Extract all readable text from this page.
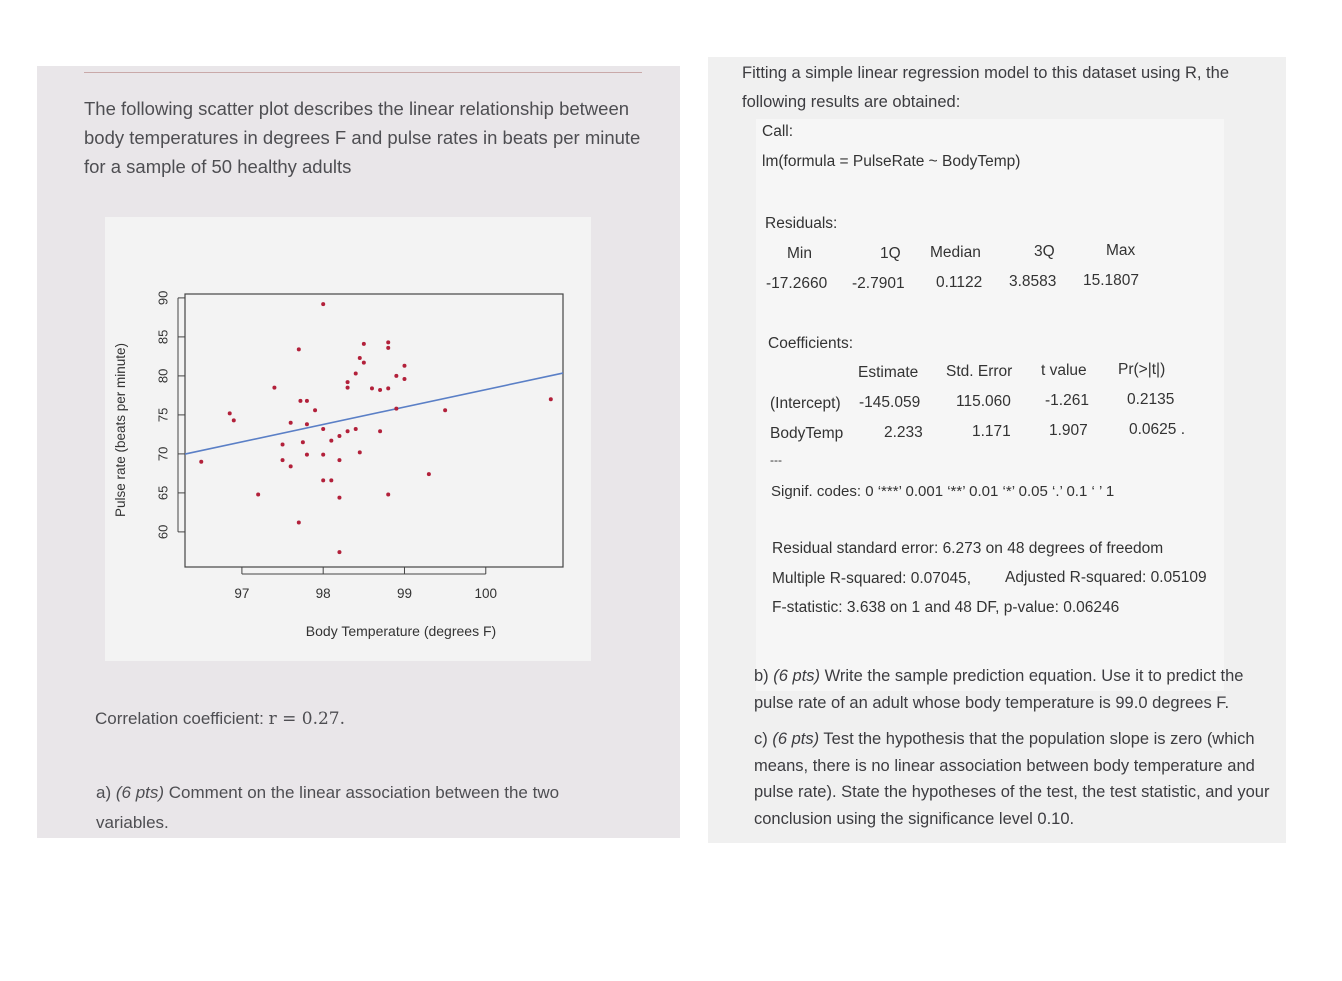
The following scatter plot describes the linear relationship between body temperatures in degrees F and pulse rates in beats per minute for a sample of 50 healthy adults
60
65
70
75
80
85
90
97	98	99	100
Pulse rate (beats per minute)
Body Temperature (degrees F)
Correlation coefficient: r = 0.27.
a) (6 pts) Comment on the linear association between the two variables.
Fitting a simple linear regression model to this dataset using R, the following results are obtained:
Call:
lm(formula = PulseRate ~ BodyTemp)
Residuals:
Min	1Q Median	3Q	Max
-17.2660 -2.7901 0.1122 3.8583 15.1807
Coefficients:
Estimate Std. Error t value Pr(>|t|)
(Intercept) -145.059 115.060 -1.261 0.2135
BodyTemp	2.233	1.171 1.907	0.0625 .
---
Signif. codes: 0 ‘***’ 0.001 ‘**’ 0.01 ‘*’ 0.05 ‘.’ 0.1 ‘ ’ 1
Residual standard error: 6.273 on 48 degrees of freedom
Multiple R-squared: 0.07045, Adjusted R-squared: 0.05109
F-statistic: 3.638 on 1 and 48 DF, p-value: 0.06246

b) (6 pts) Write the sample prediction equation. Use it to predict the pulse rate of an adult whose body temperature is 99.0 degrees F.

c) (6 pts) Test the hypothesis that the population slope is zero (which means, there is no linear association between body temperature and pulse rate). State the hypotheses of the test, the test statistic, and your conclusion using the significance level 0.10.
